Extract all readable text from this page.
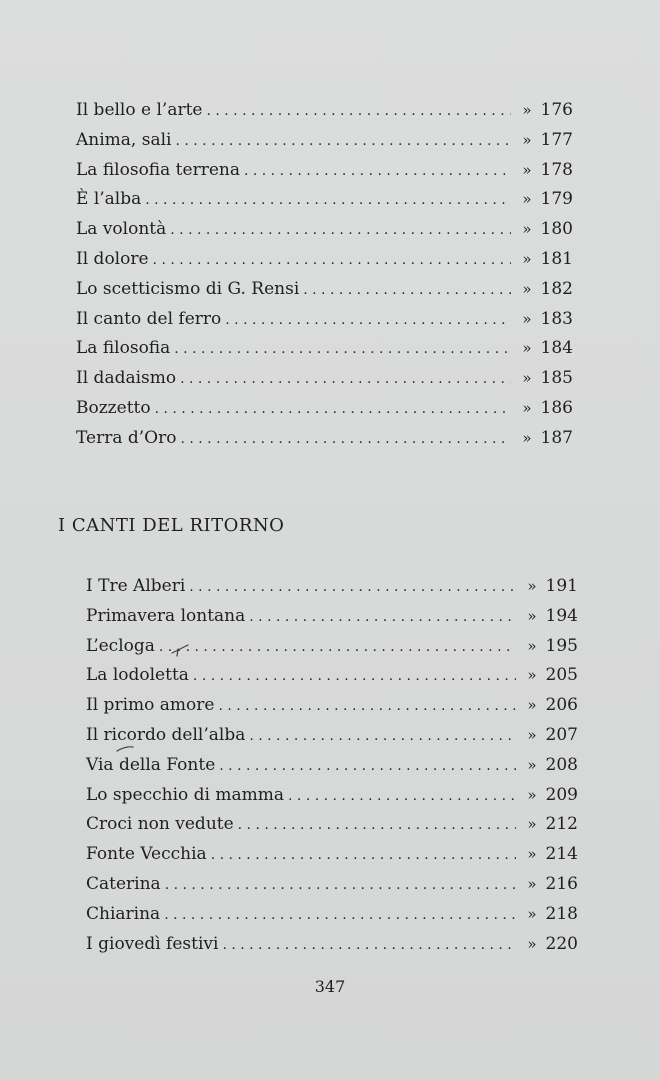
Il bello e l’arte . . .	» 176
Anima, sali . . .	» 177
La filosofia terrena . . .	» 178
È l’alba . . .	» 179
La volontà . . .	» 180
Il dolore . . .	» 181
Lo scetticismo di G. Rensi . . .	» 182
Il canto del ferro . . .	» 183
La filosofia . . .	» 184
Il dadaismo . . .	» 185
Bozzetto . . .	» 186
Terra d’Oro . . .	» 187
I CANTI DEL RITORNO
I Tre Alberi . . .	» 191
Primavera lontana . . .	» 194
L’ecloga . . .	» 195
La lodoletta . . .	» 205
Il primo amore . . .	» 206
Il ricordo dell’alba . . .	» 207
Via della Fonte . . .	» 208
Lo specchio di mamma . . .	» 209
Croci non vedute . . .	» 212
Fonte Vecchia . . .	» 214
Caterina . . .	» 216
Chiarina . . .	» 218
I giovedì festivi . . .	» 220
347
